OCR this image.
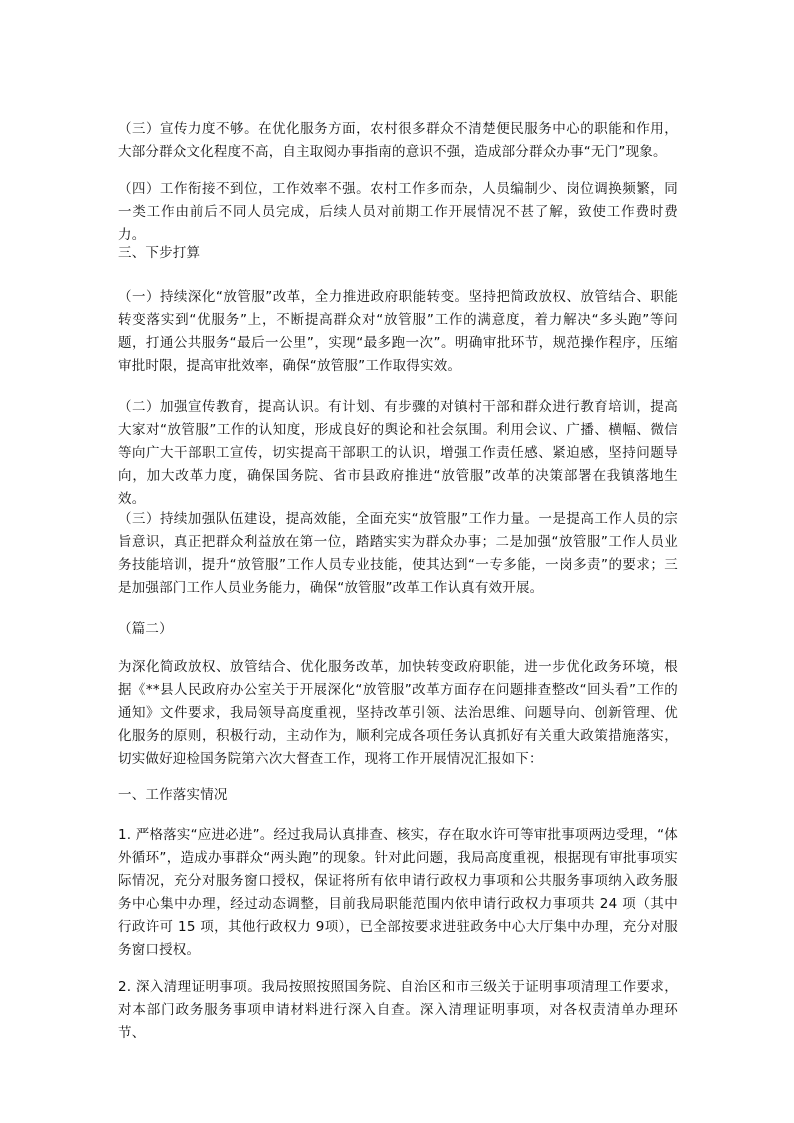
（三）宣传力度不够。在优化服务方面，农村很多群众不清楚便民服务中心的职能和作用，大部分群众文化程度不高，自主取阅办事指南的意识不强，造成部分群众办事“无门”现象。

（四）工作衔接不到位，工作效率不强。农村工作多而杂，人员编制少、岗位调换频繁，同一类工作由前后不同人员完成，后续人员对前期工作开展情况不甚了解，致使工作费时费力。

三、下步打算

（一）持续深化“放管服”改革，全力推进政府职能转变。坚持把简政放权、放管结合、职能转变落实到“优服务”上，不断提高群众对“放管服”工作的满意度，着力解决“多头跑”等问题，打通公共服务“最后一公里”，实现“最多跑一次”。明确审批环节，规范操作程序，压缩审批时限，提高审批效率，确保“放管服”工作取得实效。

（二）加强宣传教育，提高认识。有计划、有步骤的对镇村干部和群众进行教育培训，提高大家对“放管服”工作的认知度，形成良好的舆论和社会氛围。利用会议、广播、横幅、微信等向广大干部职工宣传，切实提高干部职工的认识，增强工作责任感、紧迫感，坚持问题导向，加大改革力度，确保国务院、省市县政府推进“放管服”改革的决策部署在我镇落地生效。

（三）持续加强队伍建设，提高效能，全面充实“放管服”工作力量。一是提高工作人员的宗旨意识，真正把群众利益放在第一位，踏踏实实为群众办事；二是加强“放管服”工作人员业务技能培训，提升“放管服”工作人员专业技能，使其达到“一专多能，一岗多责”的要求；三是加强部门工作人员业务能力，确保“放管服”改革工作认真有效开展。

（篇二）

为深化简政放权、放管结合、优化服务改革，加快转变政府职能，进一步优化政务环境，根据《**县人民政府办公室关于开展深化“放管服”改革方面存在问题排查整改“回头看”工作的通知》文件要求，我局领导高度重视，坚持改革引领、法治思维、问题导向、创新管理、优化服务的原则，积极行动，主动作为，顺利完成各项任务认真抓好有关重大政策措施落实，切实做好迎检国务院第六次大督查工作，现将工作开展情况汇报如下：

一、工作落实情况

1. 严格落实“应进必进”。经过我局认真排查、核实，存在取水许可等审批事项两边受理，“体外循环”，造成办事群众“两头跑”的现象。针对此问题，我局高度重视，根据现有审批事项实际情况，充分对服务窗口授权，保证将所有依申请行政权力事项和公共服务事项纳入政务服务中心集中办理，经过动态调整，目前我局职能范围内依申请行政权力事项共 24 项（其中行政许可 15 项，其他行政权力 9项），已全部按要求进驻政务中心大厅集中办理，充分对服务窗口授权。

2. 深入清理证明事项。我局按照按照国务院、自治区和市三级关于证明事项清理工作要求，对本部门政务服务事项申请材料进行深入自查。深入清理证明事项，对各权责清单办理环节、
